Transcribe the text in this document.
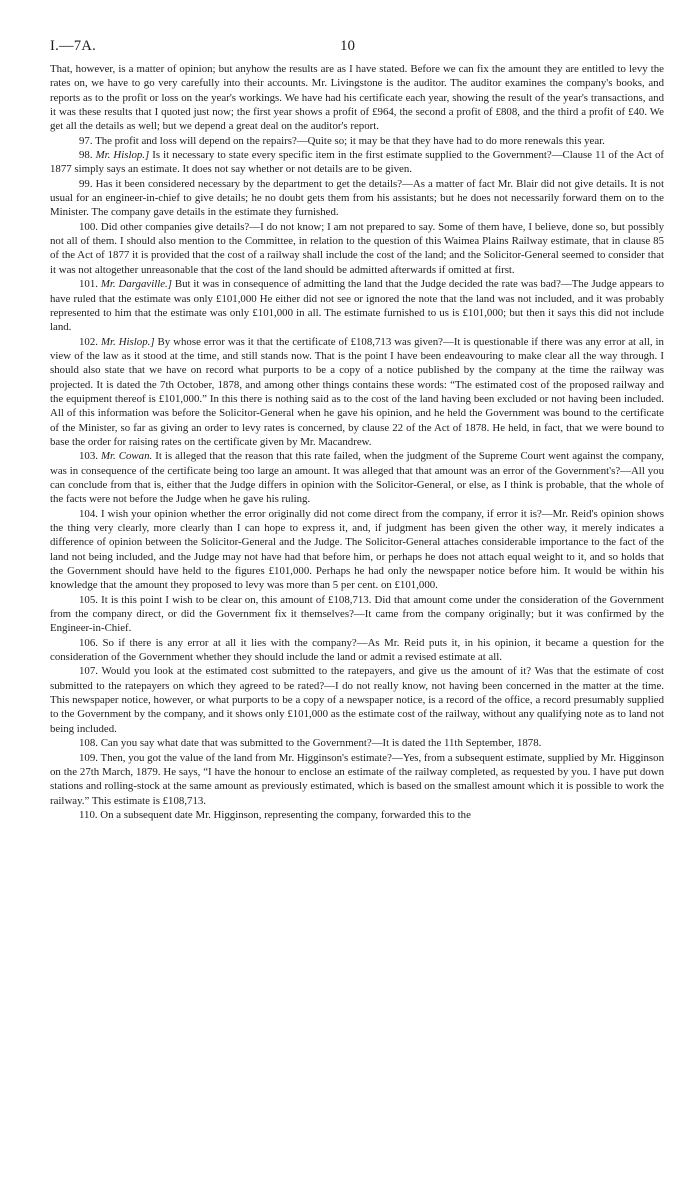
I.—7A.	10

That, however, is a matter of opinion; but anyhow the results are as I have stated. Before we can fix the amount they are entitled to levy the rates on, we have to go very carefully into their accounts. Mr. Livingstone is the auditor. The auditor examines the company's books, and reports as to the profit or loss on the year's workings. We have had his certificate each year, showing the result of the year's transactions, and it was these results that I quoted just now; the first year shows a profit of £964, the second a profit of £808, and the third a profit of £40. We get all the details as well; but we depend a great deal on the auditor's report.

97. The profit and loss will depend on the repairs?—Quite so; it may be that they have had to do more renewals this year.

98. Mr. Hislop.] Is it necessary to state every specific item in the first estimate supplied to the Government?—Clause 11 of the Act of 1877 simply says an estimate. It does not say whether or not details are to be given.

99. Has it been considered necessary by the department to get the details?—As a matter of fact Mr. Blair did not give details. It is not usual for an engineer-in-chief to give details; he no doubt gets them from his assistants; but he does not necessarily forward them on to the Minister. The company gave details in the estimate they furnished.

100. Did other companies give details?—I do not know; I am not prepared to say. Some of them have, I believe, done so, but possibly not all of them. I should also mention to the Committee, in relation to the question of this Waimea Plains Railway estimate, that in clause 85 of the Act of 1877 it is provided that the cost of a railway shall include the cost of the land; and the Solicitor-General seemed to consider that it was not altogether unreasonable that the cost of the land should be admitted afterwards if omitted at first.

101. Mr. Dargaville.] But it was in consequence of admitting the land that the Judge decided the rate was bad?—The Judge appears to have ruled that the estimate was only £101,000 He either did not see or ignored the note that the land was not included, and it was probably represented to him that the estimate was only £101,000 in all. The estimate furnished to us is £101,000; but then it says this did not include land.

102. Mr. Hislop.] By whose error was it that the certificate of £108,713 was given?—It is questionable if there was any error at all, in view of the law as it stood at the time, and still stands now. That is the point I have been endeavouring to make clear all the way through. I should also state that we have on record what purports to be a copy of a notice published by the company at the time the railway was projected. It is dated the 7th October, 1878, and among other things contains these words: “The estimated cost of the proposed railway and the equipment thereof is £101,000.” In this there is nothing said as to the cost of the land having been excluded or not having been included. All of this information was before the Solicitor-General when he gave his opinion, and he held the Government was bound to the certificate of the Minister, so far as giving an order to levy rates is concerned, by clause 22 of the Act of 1878. He held, in fact, that we were bound to base the order for raising rates on the certificate given by Mr. Macandrew.

103. Mr. Cowan. It is alleged that the reason that this rate failed, when the judgment of the Supreme Court went against the company, was in consequence of the certificate being too large an amount. It was alleged that that amount was an error of the Government's?—All you can conclude from that is, either that the Judge differs in opinion with the Solicitor-General, or else, as I think is probable, that the whole of the facts were not before the Judge when he gave his ruling.

104. I wish your opinion whether the error originally did not come direct from the company, if error it is?—Mr. Reid's opinion shows the thing very clearly, more clearly than I can hope to express it, and, if judgment has been given the other way, it merely indicates a difference of opinion between the Solicitor-General and the Judge. The Solicitor-General attaches considerable importance to the fact of the land not being included, and the Judge may not have had that before him, or perhaps he does not attach equal weight to it, and so holds that the Government should have held to the figures £101,000. Perhaps he had only the newspaper notice before him. It would be within his knowledge that the amount they proposed to levy was more than 5 per cent. on £101,000.

105. It is this point I wish to be clear on, this amount of £108,713. Did that amount come under the consideration of the Government from the company direct, or did the Government fix it themselves?—It came from the company originally; but it was confirmed by the Engineer-in-Chief.

106. So if there is any error at all it lies with the company?—As Mr. Reid puts it, in his opinion, it became a question for the consideration of the Government whether they should include the land or admit a revised estimate at all.

107. Would you look at the estimated cost submitted to the ratepayers, and give us the amount of it? Was that the estimate of cost submitted to the ratepayers on which they agreed to be rated?—I do not really know, not having been concerned in the matter at the time. This newspaper notice, however, or what purports to be a copy of a newspaper notice, is a record of the office, a record presumably supplied to the Government by the company, and it shows only £101,000 as the estimate cost of the railway, without any qualifying note as to land not being included.

108. Can you say what date that was submitted to the Government?—It is dated the 11th September, 1878.

109. Then, you got the value of the land from Mr. Higginson's estimate?—Yes, from a subsequent estimate, supplied by Mr. Higginson on the 27th March, 1879. He says, “I have the honour to enclose an estimate of the railway completed, as requested by you. I have put down stations and rolling-stock at the same amount as previously estimated, which is based on the smallest amount which it is possible to work the railway.” This estimate is £108,713.

110. On a subsequent date Mr. Higginson, representing the company, forwarded this to the
